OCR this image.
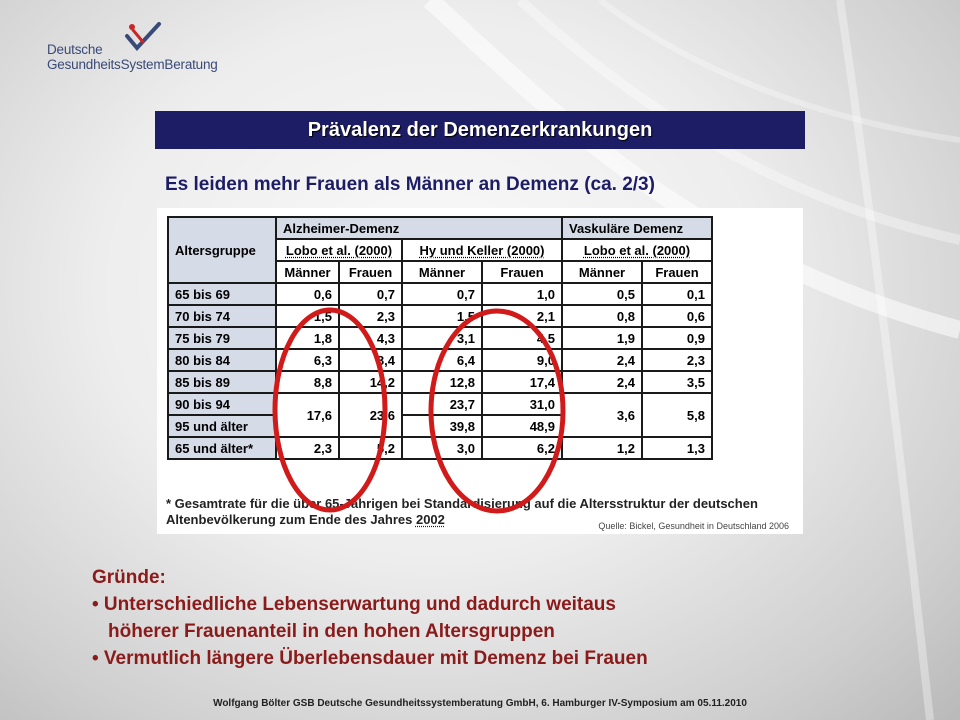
Deutsche
GesundheitsSystemBeratung
Prävalenz der Demenzerkrankungen
Es leiden mehr Frauen als Männer an Demenz (ca. 2/3)
Altersgruppe	Alzheimer-Demenz				Vaskuläre Demenz	
	Lobo et al. (2000)		Hy und Keller (2000)		Lobo et al. (2000)	
	Männer	Frauen	Männer	Frauen	Männer	Frauen
65 bis 69	0,6	0,7	0,7	1,0	0,5	0,1
70 bis 74	1,5	2,3	1,5	2,1	0,8	0,6
75 bis 79	1,8	4,3	3,1	4,5	1,9	0,9
80 bis 84	6,3	8,4	6,4	9,0	2,4	2,3
85 bis 89	8,8	14,2	12,8	17,4	2,4	3,5
90 bis 94	17,6	23,6	23,7	31,0	3,6	5,8
95 und älter			39,8	48,9		
65 und älter*	2,3	5,2	3,0	6,2	1,2	1,3
* Gesamtrate für die über 65-Jährigen bei Standardisierung auf die Altersstruktur der deutschen
Altenbevölkerung zum Ende des Jahres 2002	Quelle: Bickel, Gesundheit in Deutschland 2006
Gründe:
• Unterschiedliche Lebenserwartung und dadurch weitaus
höherer Frauenanteil in den hohen Altersgruppen
• Vermutlich längere Überlebensdauer mit Demenz bei Frauen
Wolfgang Bölter GSB Deutsche Gesundheitssystemberatung GmbH, 6. Hamburger IV-Symposium am 05.11.2010
